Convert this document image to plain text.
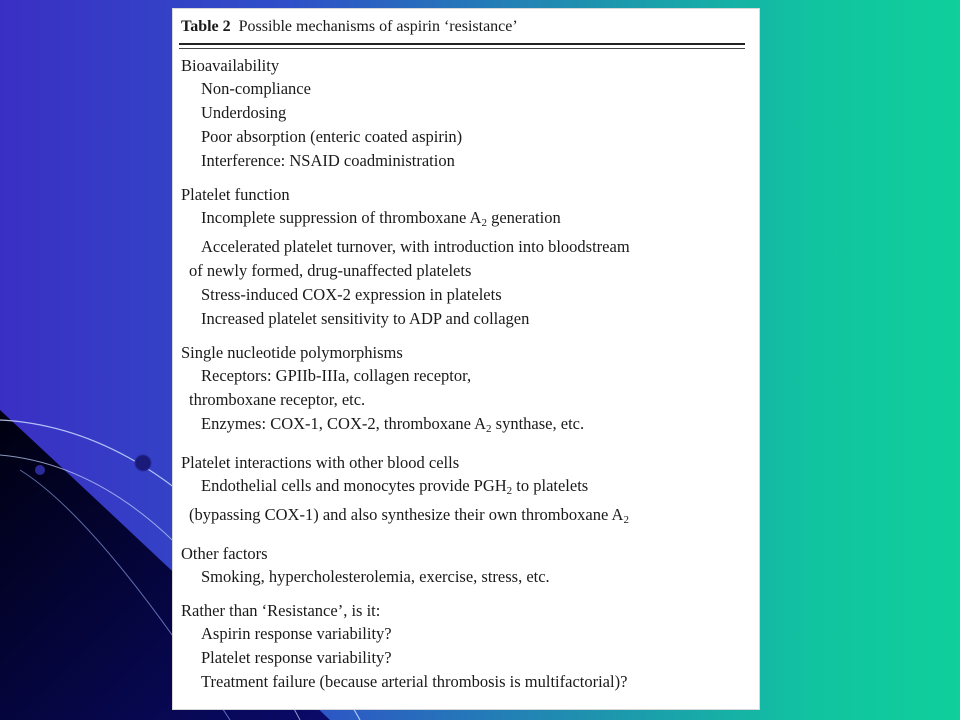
Table 2 Possible mechanisms of aspirin ‘resistance’
Bioavailability
Non-compliance
Underdosing
Poor absorption (enteric coated aspirin)
Interference: NSAID coadministration
Platelet function
Incomplete suppression of thromboxane $A_2$ generation
Accelerated platelet turnover, with introduction into bloodstream
of newly formed, drug-unaffected platelets
Stress-induced COX-2 expression in platelets
Increased platelet sensitivity to ADP and collagen
Single nucleotide polymorphisms
Receptors: GPIIb-IIIa, collagen receptor,
thromboxane receptor, etc.
Enzymes: COX-1, COX-2, thromboxane $A_2$ synthase, etc.
Platelet interactions with other blood cells
Endothelial cells and monocytes provide $PGH_2$ to platelets
(bypassing COX-1) and also synthesize their own thromboxane $A_2$
Other factors
Smoking, hypercholesterolemia, exercise, stress, etc.
Rather than ‘Resistance’, is it:
Aspirin response variability?
Platelet response variability?
Treatment failure (because arterial thrombosis is multifactorial)?
